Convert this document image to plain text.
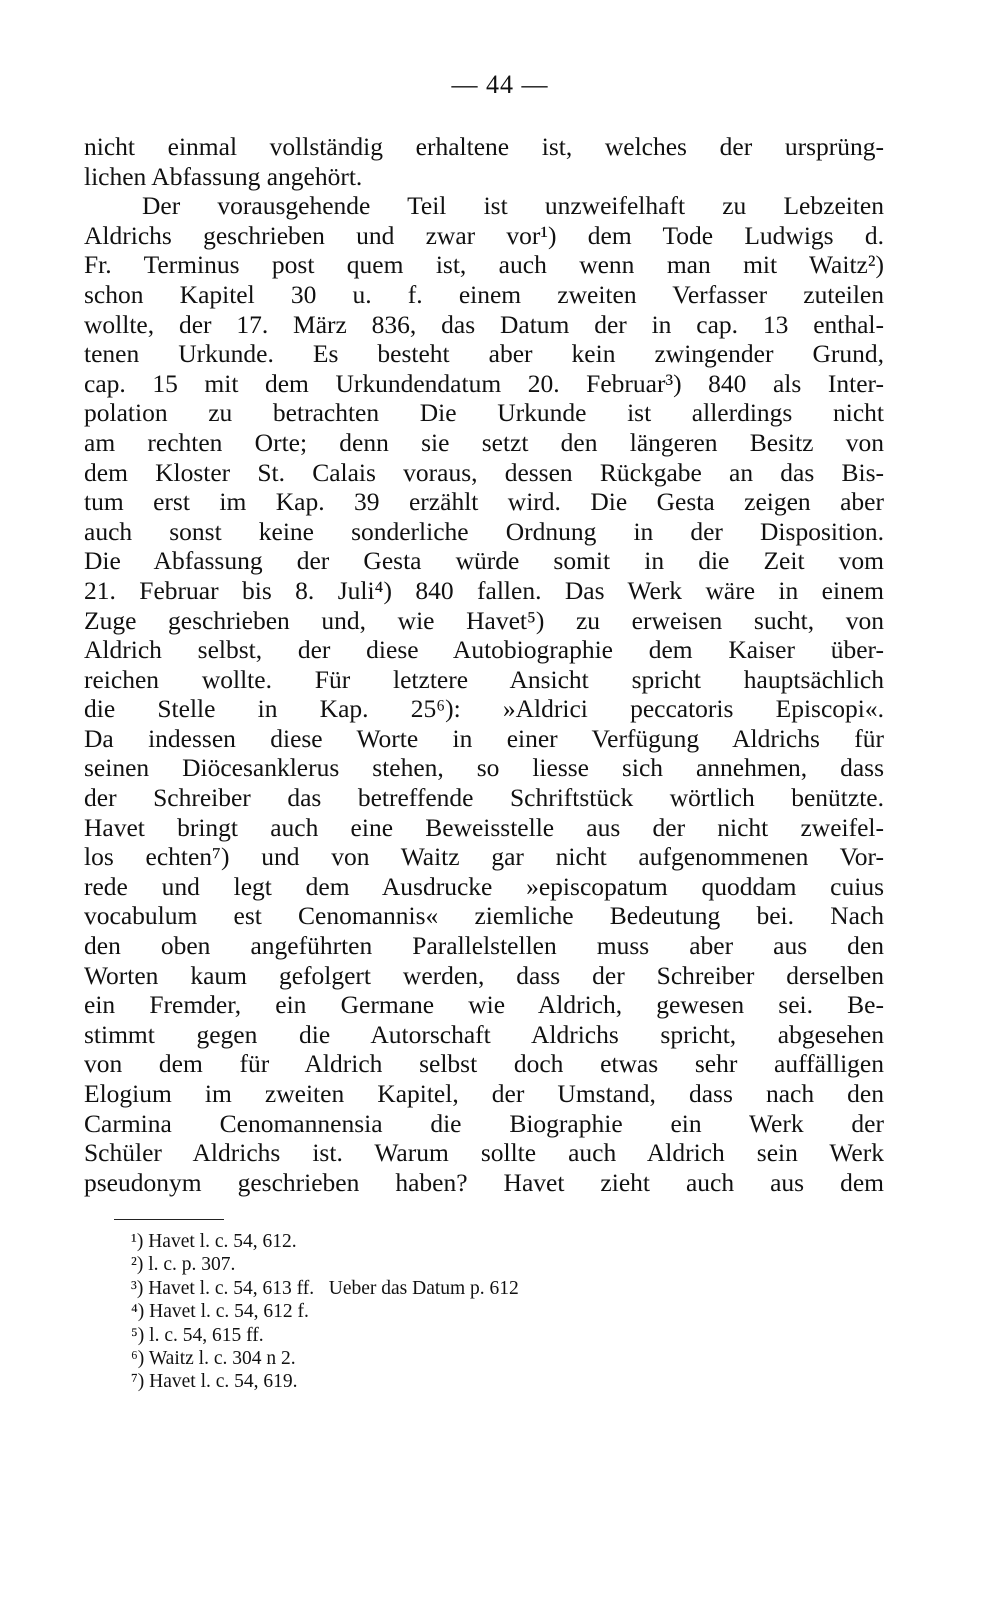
— 44 —
nicht einmal vollständig erhaltene ist, welches der ursprüng-
lichen Abfassung angehört.
Der vorausgehende Teil ist unzweifelhaft zu Lebzeiten
Aldrichs geschrieben und zwar vor¹) dem Tode Ludwigs d.
Fr. Terminus post quem ist, auch wenn man mit Waitz²)
schon Kapitel 30 u. f. einem zweiten Verfasser zuteilen
wollte, der 17. März 836, das Datum der in cap. 13 enthal-
tenen Urkunde. Es besteht aber kein zwingender Grund,
cap. 15 mit dem Urkundendatum 20. Februar³) 840 als Inter-
polation zu betrachten Die Urkunde ist allerdings nicht
am rechten Orte; denn sie setzt den längeren Besitz von
dem Kloster St. Calais voraus, dessen Rückgabe an das Bis-
tum erst im Kap. 39 erzählt wird. Die Gesta zeigen aber
auch sonst keine sonderliche Ordnung in der Disposition.
Die Abfassung der Gesta würde somit in die Zeit vom
21. Februar bis 8. Juli⁴) 840 fallen. Das Werk wäre in einem
Zuge geschrieben und, wie Havet⁵) zu erweisen sucht, von
Aldrich selbst, der diese Autobiographie dem Kaiser über-
reichen wollte. Für letztere Ansicht spricht hauptsächlich
die Stelle in Kap. 25⁶): »Aldrici peccatoris Episcopi«.
Da indessen diese Worte in einer Verfügung Aldrichs für
seinen Diöcesanklerus stehen, so liesse sich annehmen, dass
der Schreiber das betreffende Schriftstück wörtlich benützte.
Havet bringt auch eine Beweisstelle aus der nicht zweifel-
los echten⁷) und von Waitz gar nicht aufgenommenen Vor-
rede und legt dem Ausdrucke »episcopatum quoddam cuius
vocabulum est Cenomannis« ziemliche Bedeutung bei. Nach
den oben angeführten Parallelstellen muss aber aus den
Worten kaum gefolgert werden, dass der Schreiber derselben
ein Fremder, ein Germane wie Aldrich, gewesen sei. Be-
stimmt gegen die Autorschaft Aldrichs spricht, abgesehen
von dem für Aldrich selbst doch etwas sehr auffälligen
Elogium im zweiten Kapitel, der Umstand, dass nach den
Carmina Cenomannensia die Biographie ein Werk der
Schüler Aldrichs ist. Warum sollte auch Aldrich sein Werk
pseudonym geschrieben haben? Havet zieht auch aus dem
¹) Havet l. c. 54, 612.
²) l. c. p. 307.
³) Havet l. c. 54, 613 ff.   Ueber das Datum p. 612
⁴) Havet l. c. 54, 612 f.
⁵) l. c. 54, 615 ff.
⁶) Waitz l. c. 304 n 2.
⁷) Havet l. c. 54, 619.
